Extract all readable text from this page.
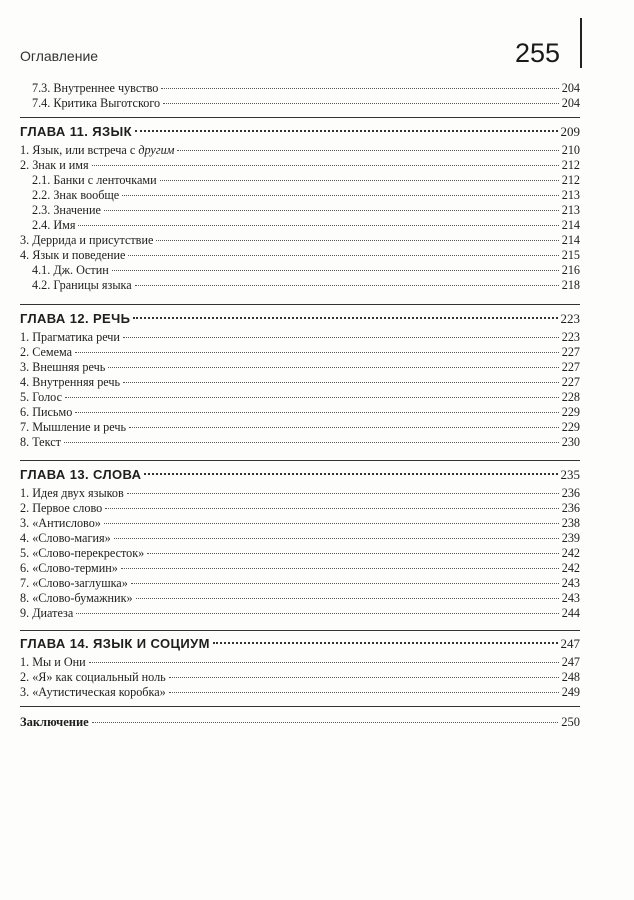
Оглавление	255
7.3. Внутреннее чувство	204
7.4. Критика Выготского	204
ГЛАВА 11. ЯЗЫК	209
1. Язык, или встреча с другим	210
2. Знак и имя	212
2.1. Банки с ленточками	212
2.2. Знак вообще	213
2.3. Значение	213
2.4. Имя	214
3. Деррида и присутствие	214
4. Язык и поведение	215
4.1. Дж. Остин	216
4.2. Границы языка	218
ГЛАВА 12. РЕЧЬ	223
1. Прагматика речи	223
2. Семема	227
3. Внешняя речь	227
4. Внутренняя речь	227
5. Голос	228
6. Письмо	229
7. Мышление и речь	229
8. Текст	230
ГЛАВА 13. СЛОВА	235
1. Идея двух языков	236
2. Первое слово	236
3. «Антислово»	238
4. «Слово-магия»	239
5. «Слово-перекресток»	242
6. «Слово-термин»	242
7. «Слово-заглушка»	243
8. «Слово-бумажник»	243
9. Диатеза	244
ГЛАВА 14. ЯЗЫК И СОЦИУМ	247
1. Мы и Они	247
2. «Я» как социальный ноль	248
3. «Аутистическая коробка»	249
Заключение	250
